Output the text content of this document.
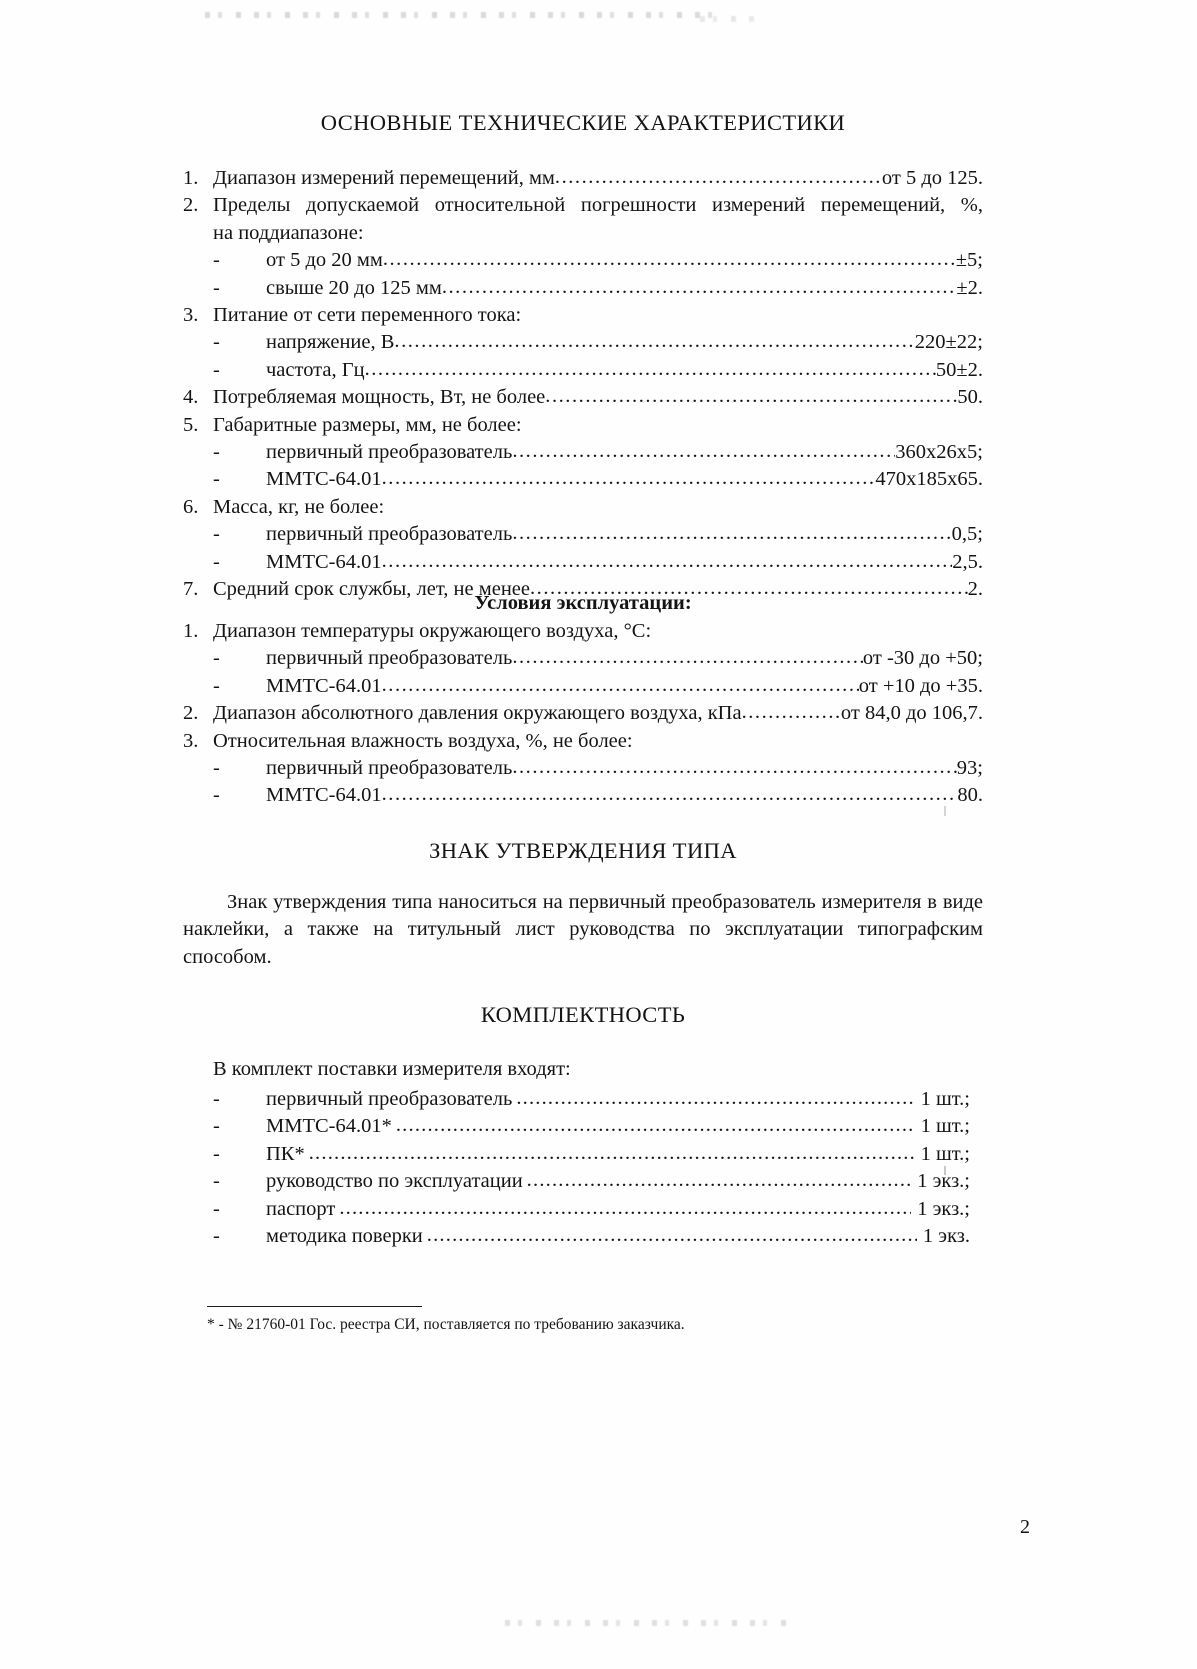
ОСНОВНЫЕ ТЕХНИЧЕСКИЕ ХАРАКТЕРИСТИКИ
1. Диапазон измерений перемещений, мм .....	от 5 до 125.
2. Пределы допускаемой относительной погрешности измерений перемещений, %,
на поддиапазоне:
-	от 5 до 20 мм .....	±5;
-	свыше 20 до 125 мм .....	±2.
3. Питание от сети переменного тока:
-	напряжение, В .....	220±22;
-	частота, Гц .....	50±2.
4. Потребляемая мощность, Вт, не более .....	50.
5. Габаритные размеры, мм, не более:
-	первичный преобразователь .....	360х26х5;
-	ММТС-64.01 .....	470х185х65.
6. Масса, кг, не более:
-	первичный преобразователь .....	0,5;
-	ММТС-64.01 .....	2,5.
7. Средний срок службы, лет, не менее .....	2.
Условия эксплуатации:
1. Диапазон температуры окружающего воздуха, °С:
-	первичный преобразователь .....	от -30 до +50;
-	ММТС-64.01 .....	от +10 до +35.
2. Диапазон абсолютного давления окружающего воздуха, кПа .....	от 84,0 до 106,7.
3. Относительная влажность воздуха, %, не более:
-	первичный преобразователь .....	93;
-	ММТС-64.01 .....	80.
ЗНАК УТВЕРЖДЕНИЯ ТИПА
Знак утверждения типа наноситься на первичный преобразователь измерителя в виде наклейки, а также на титульный лист руководства по эксплуатации типографским способом.
КОМПЛЕКТНОСТЬ
В комплект поставки измерителя входят:
-	первичный преобразователь .....	1 шт.;
-	ММТС-64.01* .....	1 шт.;
-	ПК* .....	1 шт.;
-	руководство по эксплуатации .....	1 экз.;
-	паспорт .....	1 экз.;
-	методика поверки .....	1 экз.
* - № 21760-01 Гос. реестра СИ, поставляется по требованию заказчика.
2
